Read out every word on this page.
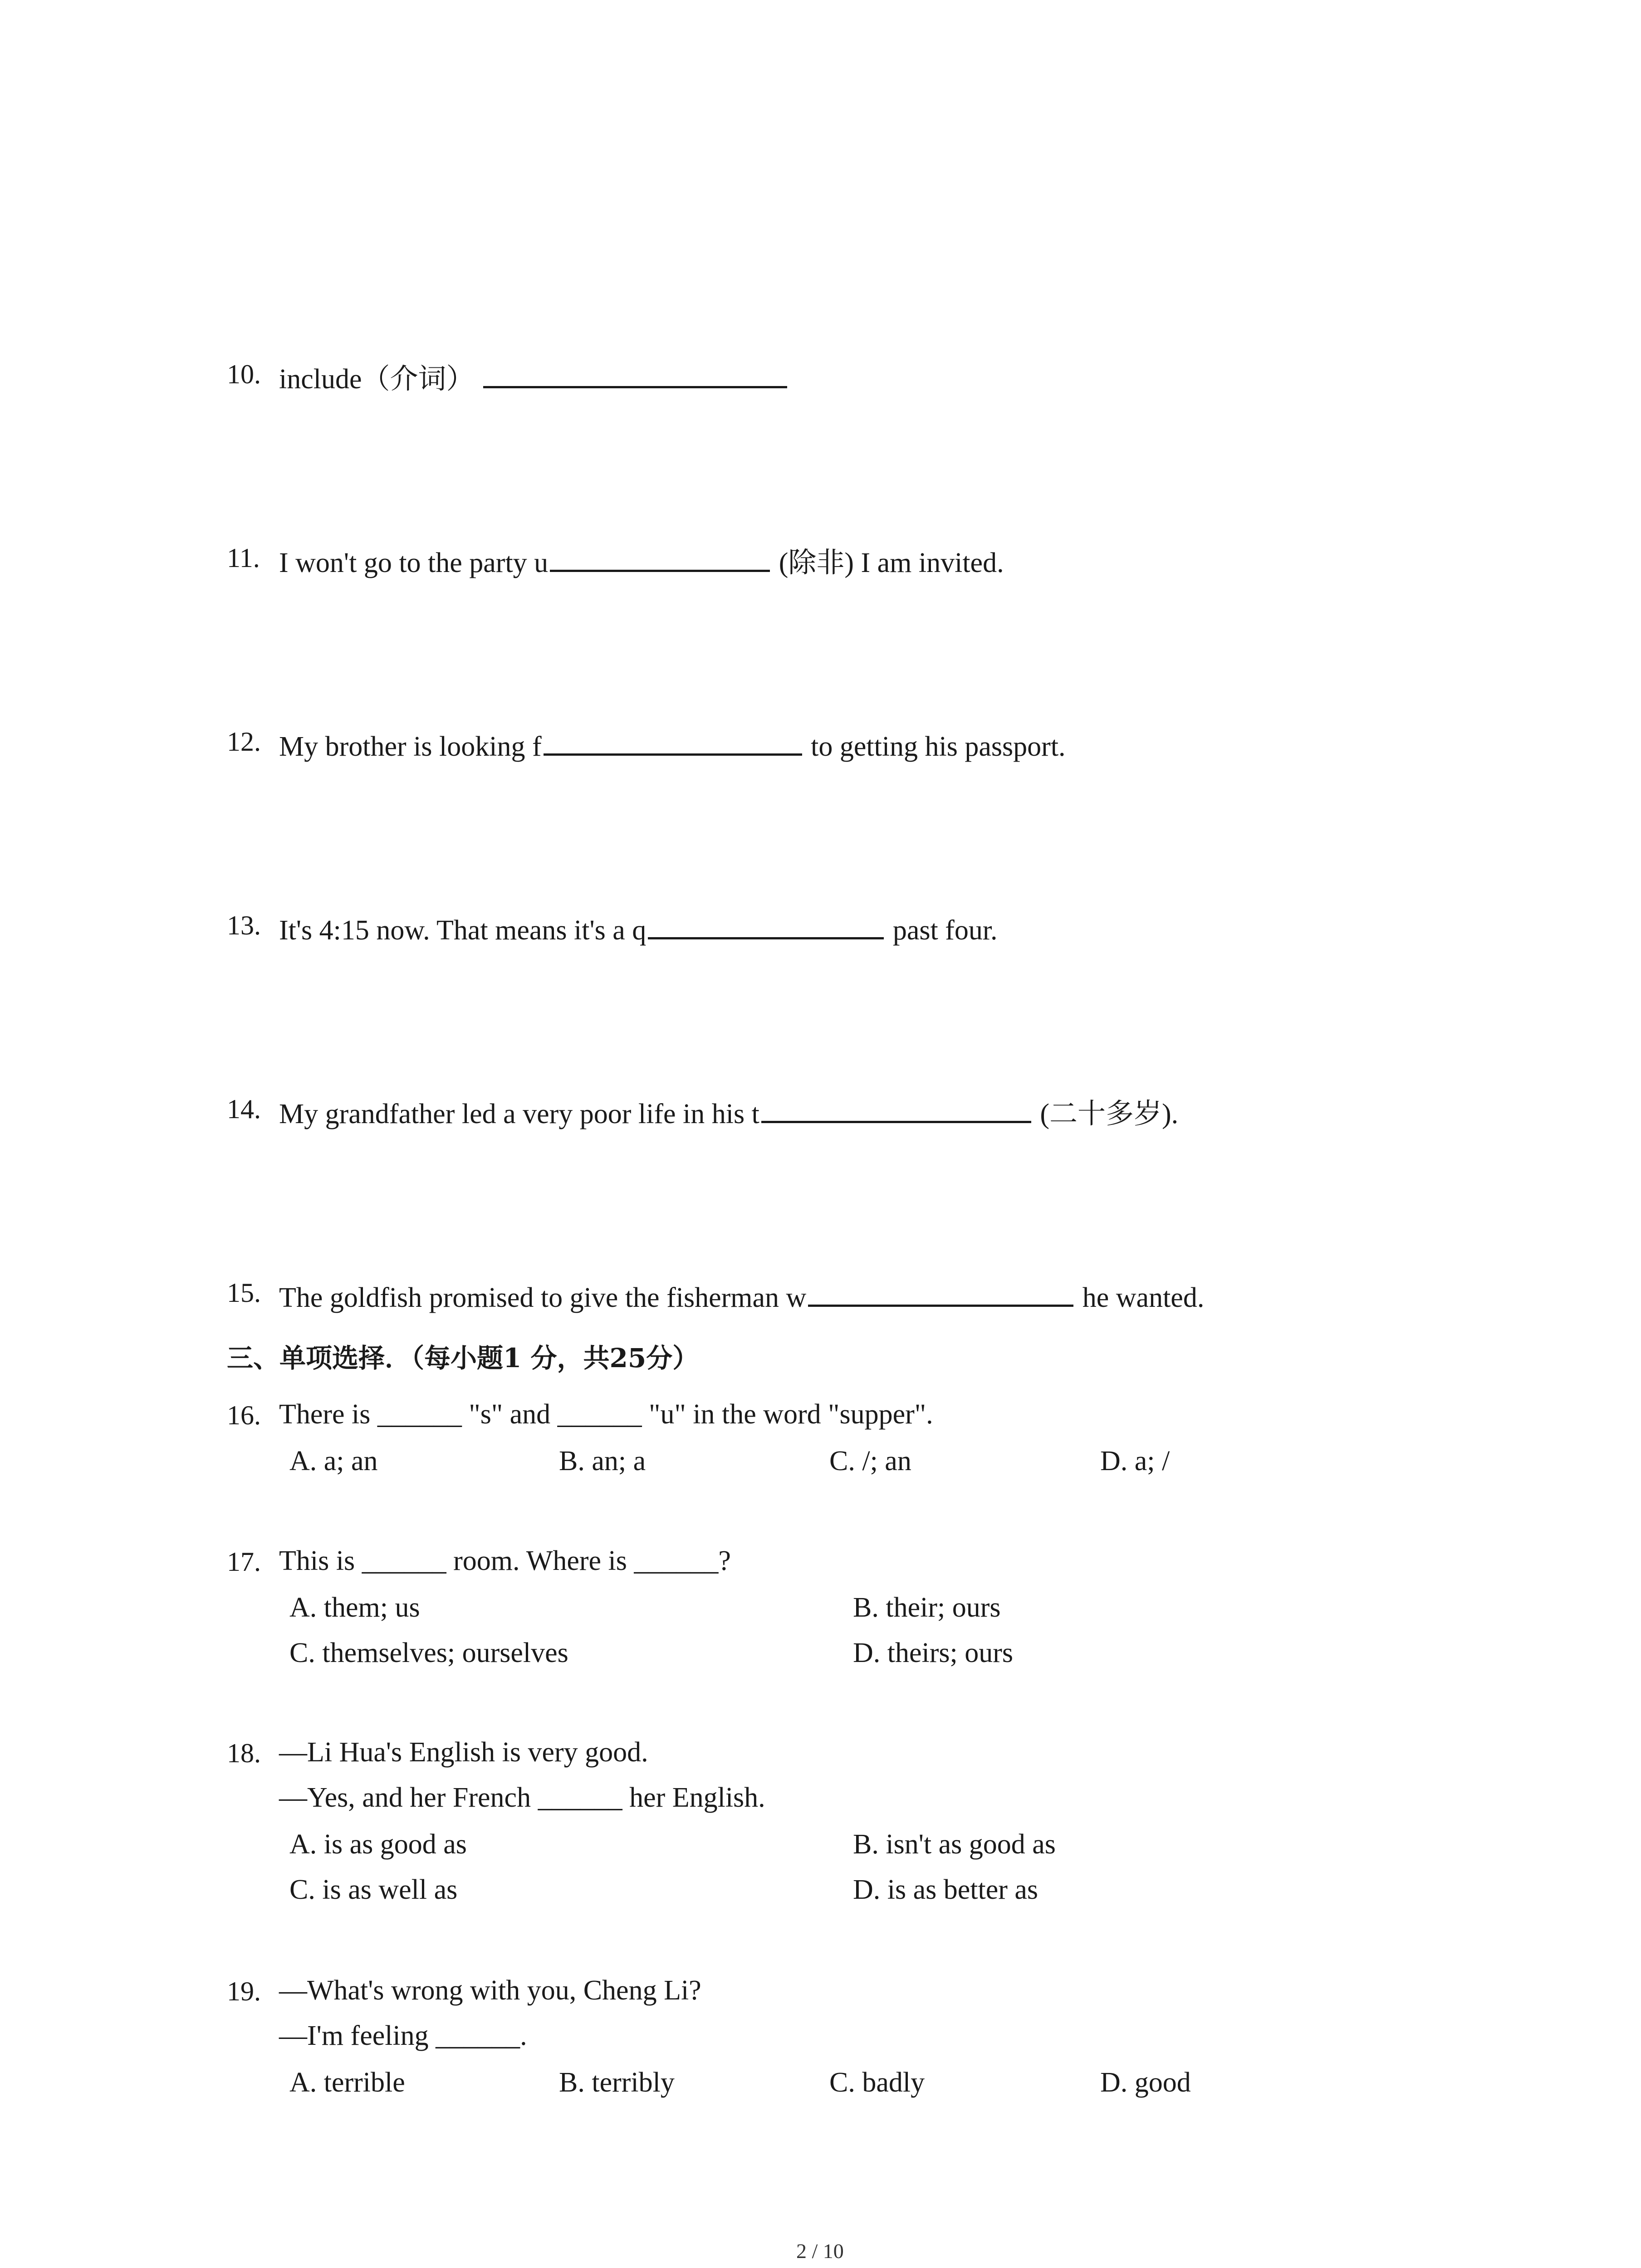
10. include（介词）
11. I won't go to the party u	(除非) I am invited.
12. My brother is looking f	to getting his passport.
13. It's 4:15 now. That means it's a q	past four.
14. My grandfather led a very poor life in his t	(二十多岁).
15. The goldfish promised to give the fisherman w	he wanted.
三、单项选择．（每小题1 分，共25分）
16. There is ______ "s" and ______ "u" in the word "supper".
A. a; an	B. an; a	C. /; an	D. a; /
17. This is ______ room. Where is ______?
A. them; us	B. their; ours
C. themselves; ourselves	D. theirs; ours
18. —Li Hua's English is very good.
—Yes, and her French ______ her English.
A. is as good as	B. isn't as good as
C. is as well as	D. is as better as
19. —What's wrong with you, Cheng Li?
—I'm feeling ______.
A. terrible	B. terribly	C. badly	D. good
2 / 10
